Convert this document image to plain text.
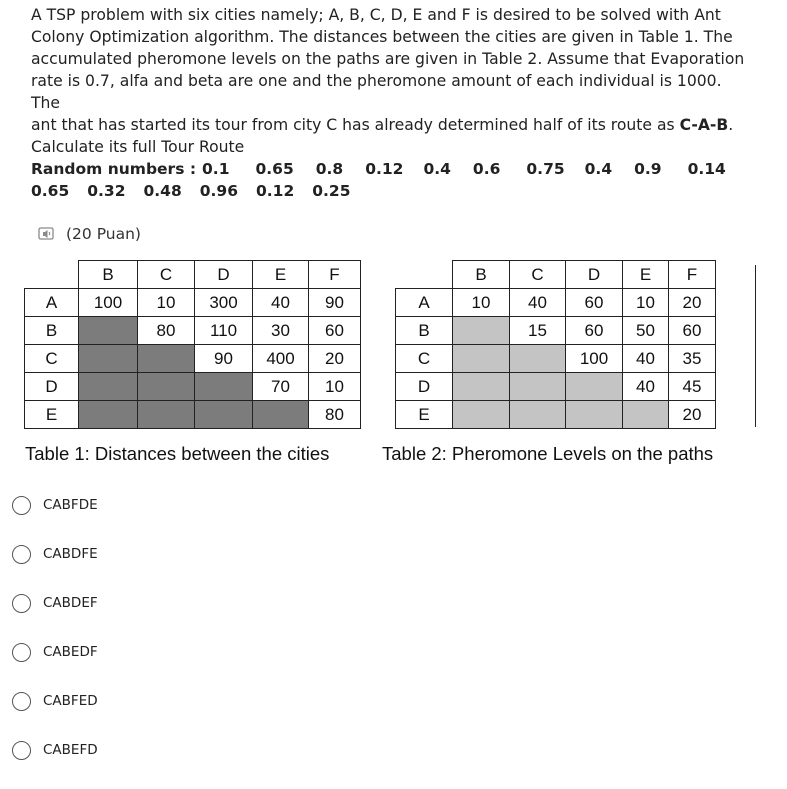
A TSP problem with six cities namely; A, B, C, D, E and F is desired to be solved with Ant

Colony Optimization algorithm. The distances between the cities are given in Table 1. The

accumulated pheromone levels on the paths are given in Table 2. Assume that Evaporation

rate is 0.7, alfa and beta are one and the pheromone amount of each individual is 1000. The

ant that has started its tour from city C has already determined half of its route as C-A-B.

Calculate its full Tour Route

Random numbers : 0.1 0.65 0.8 0.12 0.4 0.6 0.75 0.4 0.9 0.14
0.65 0.32 0.48 0.96 0.12 0.25
(20 Puan)
	B	C	D	E	F
A	100	10	300	40	90
B		80	110	30	60
C			90	400	20
D				70	10
E					80
Table 1: Distances between the cities
	B	C	D	E	F
A	10	40	60	10	20
B		15	60	50	60
C			100	40	35
D				40	45
E					20
Table 2: Pheromone Levels on the paths
CABFDE
CABDFE
CABDEF
CABEDF
CABFED
CABEFD
